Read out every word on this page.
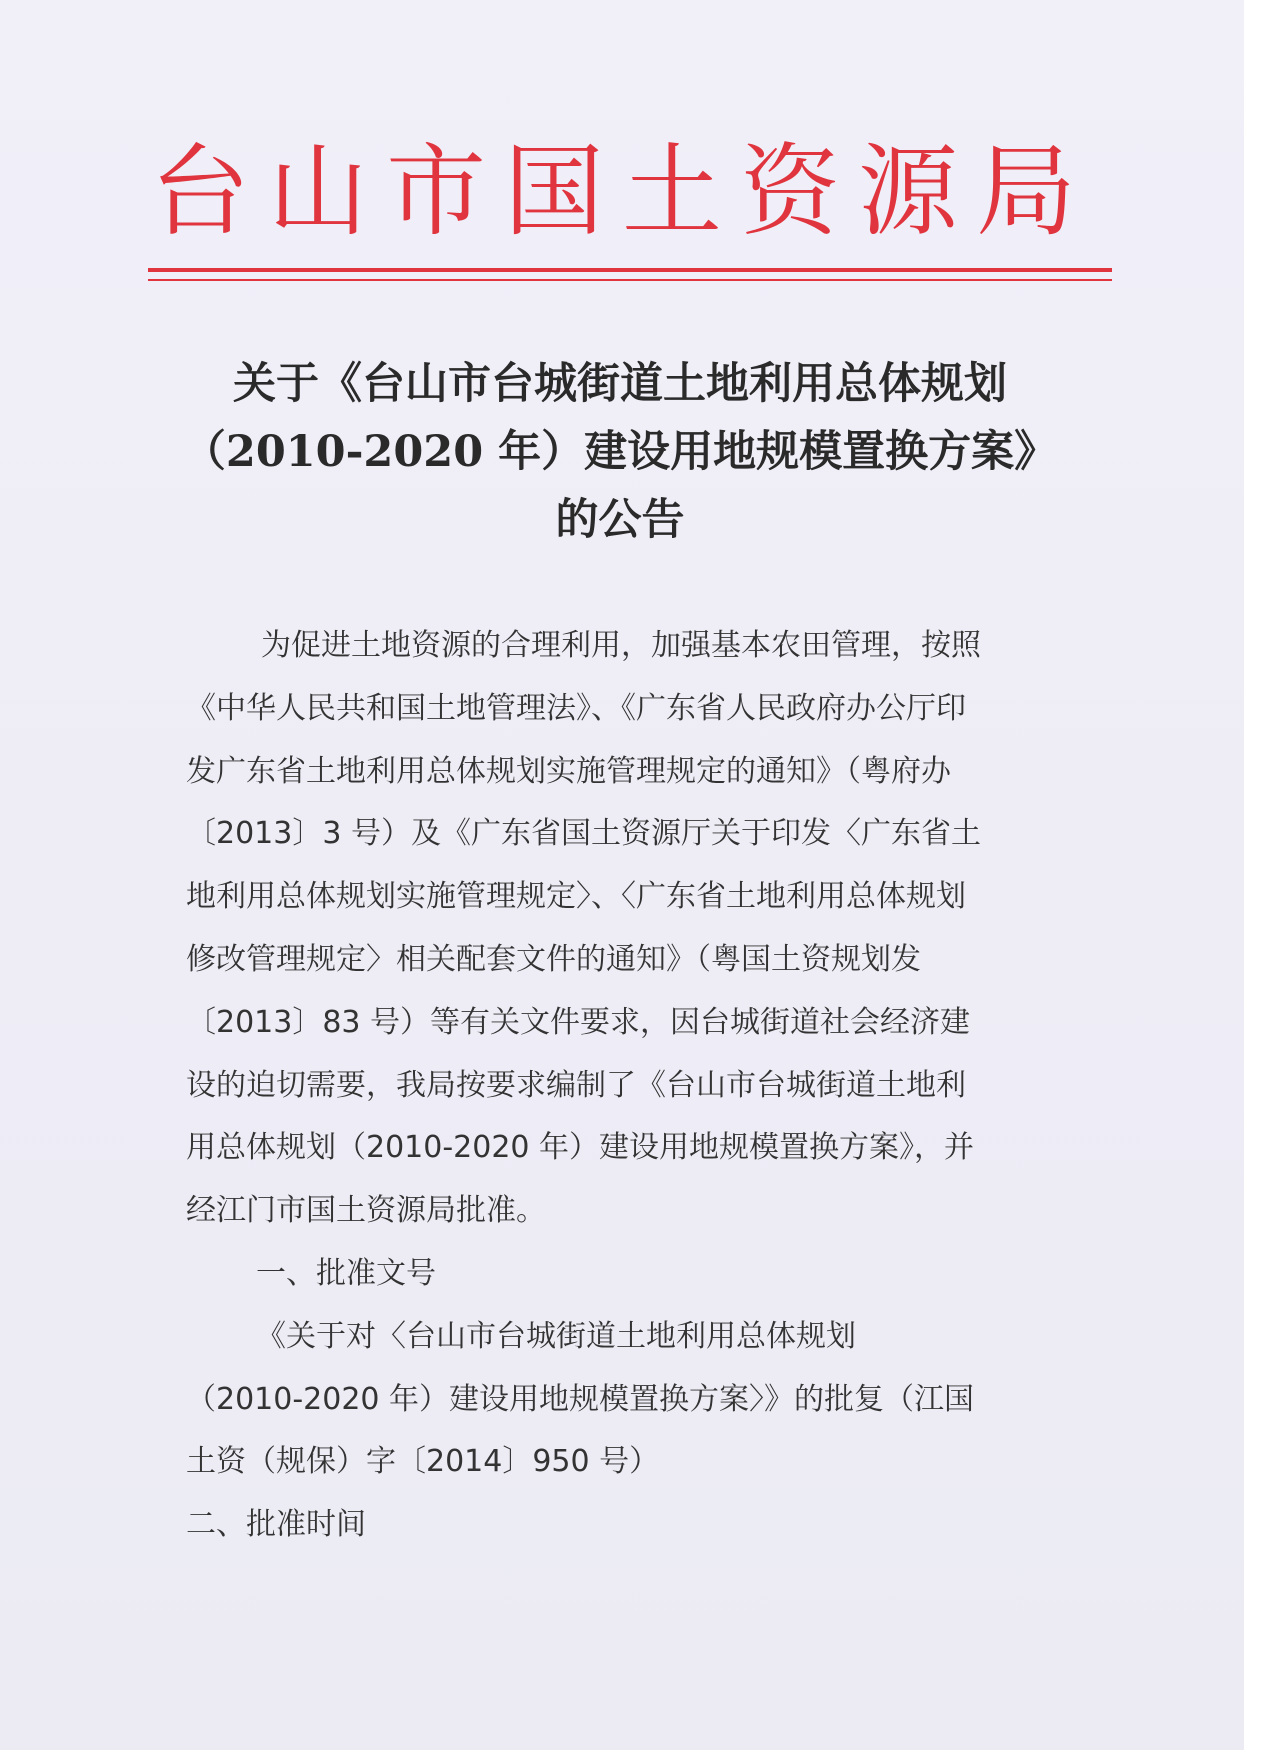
台山市国土资源局
关于《台山市台城街道土地利用总体规划
（2010-2020 年）建设用地规模置换方案》
的公告
为促进土地资源的合理利用，加强基本农田管理，按照
《中华人民共和国土地管理法》、《广东省人民政府办公厅印
发广东省土地利用总体规划实施管理规定的通知》（粤府办
〔2013〕3 号）及《广东省国土资源厅关于印发〈广东省土
地利用总体规划实施管理规定〉、〈广东省土地利用总体规划
修改管理规定〉相关配套文件的通知》（粤国土资规划发
〔2013〕83 号）等有关文件要求，因台城街道社会经济建
设的迫切需要，我局按要求编制了《台山市台城街道土地利
用总体规划（2010-2020 年）建设用地规模置换方案》，并
经江门市国土资源局批准。
一、批准文号
《关于对〈台山市台城街道土地利用总体规划
（2010-2020 年）建设用地规模置换方案〉》的批复（江国
土资（规保）字〔2014〕950 号）
二、批准时间
